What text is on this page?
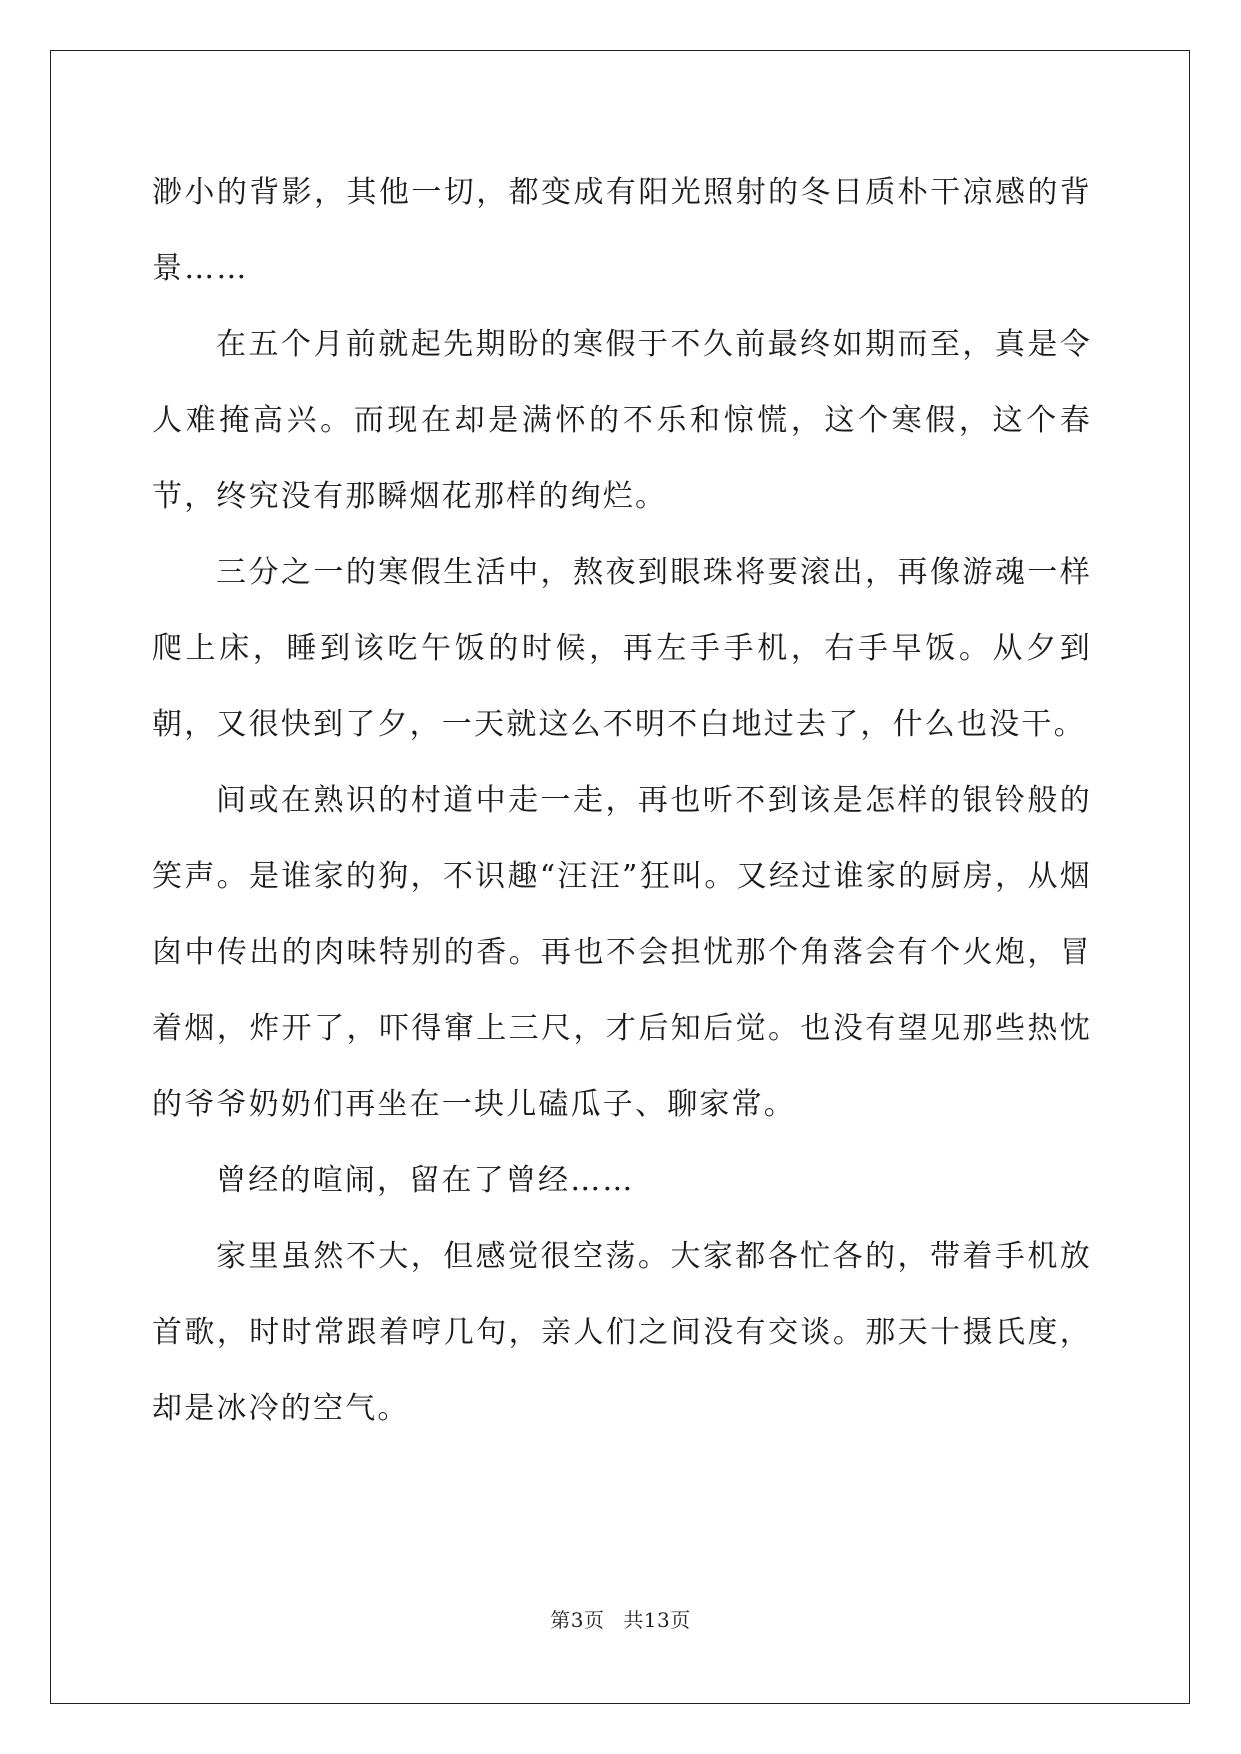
渺小的背影，其他一切，都变成有阳光照射的冬日质朴干凉感的背景……

在五个月前就起先期盼的寒假于不久前最终如期而至，真是令人难掩高兴。而现在却是满怀的不乐和惊慌，这个寒假，这个春节，终究没有那瞬烟花那样的绚烂。

三分之一的寒假生活中，熬夜到眼珠将要滚出，再像游魂一样爬上床，睡到该吃午饭的时候，再左手手机，右手早饭。从夕到朝，又很快到了夕，一天就这么不明不白地过去了，什么也没干。

间或在熟识的村道中走一走，再也听不到该是怎样的银铃般的笑声。是谁家的狗，不识趣“汪汪”狂叫。又经过谁家的厨房，从烟囱中传出的肉味特别的香。再也不会担忧那个角落会有个火炮，冒着烟，炸开了，吓得窜上三尺，才后知后觉。也没有望见那些热忱的爷爷奶奶们再坐在一块儿磕瓜子、聊家常。

曾经的喧闹，留在了曾经……

家里虽然不大，但感觉很空荡。大家都各忙各的，带着手机放首歌，时时常跟着哼几句，亲人们之间没有交谈。那天十摄氏度，却是冰冷的空气。

第3页 共13页
